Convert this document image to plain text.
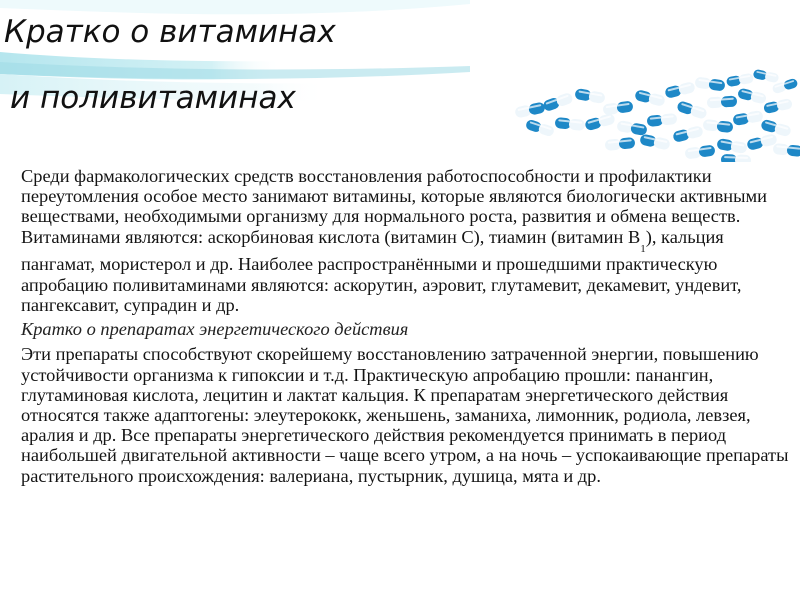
Кратко о витаминах
и поливитаминах

Среди фармакологических средств восстановления работоспособности и профилактики переутомления особое место занимают витамины, которые являются биологически активными веществами, необходимыми организму для нормального роста, развития и обмена веществ. Витаминами являются: аскорбиновая кислота (витамин С), тиамин (витамин $В_1$), кальция пангамат, мористерол и др. Наиболее распространёнными и прошедшими практическую апробацию поливитаминами являются: аскорутин, аэровит, глутамевит, декамевит, ундевит, пангексавит, супрадин и др.

Кратко о препаратах энергетического действия

Эти препараты способствуют скорейшему восстановлению затраченной энергии, повышению устойчивости организма к гипоксии и т.д. Практическую апробацию прошли: панангин, глутаминовая кислота, лецитин и лактат кальция. К препаратам энергетического действия относятся также адаптогены: элеутерококк, женьшень, заманиха, лимонник, родиола, левзея, аралия и др. Все препараты энергетического действия рекомендуется принимать в период наибольшей двигательной активности – чаще всего утром, а на ночь – успокаивающие препараты растительного происхождения: валериана, пустырник, душица, мята и др.
